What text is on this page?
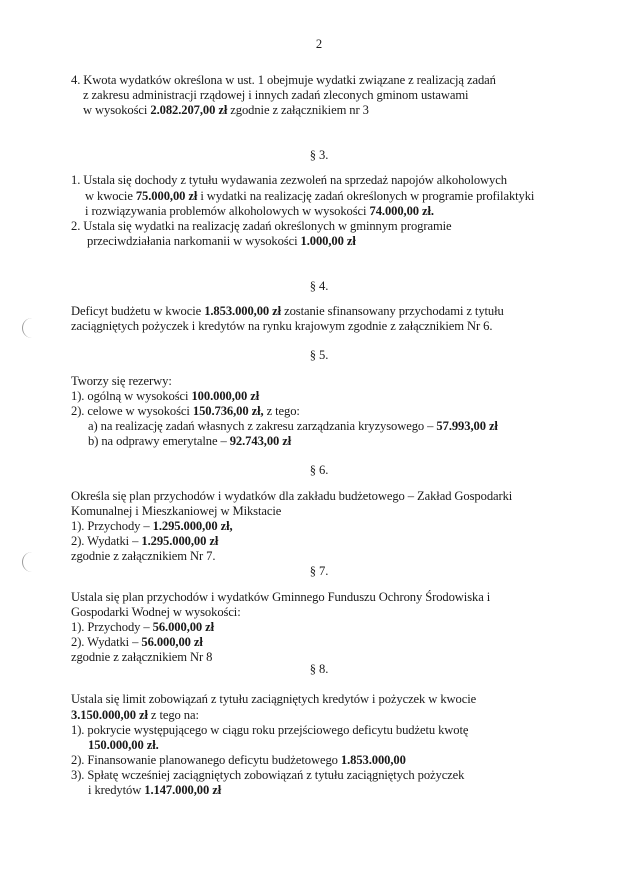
2
4. Kwota wydatków określona w ust. 1 obejmuje wydatki związane z realizacją zadań
z zakresu administracji rządowej i innych zadań zleconych gminom ustawami
w wysokości 2.082.207,00 zł zgodnie z załącznikiem nr 3
§ 3.
1. Ustala się dochody z tytułu wydawania zezwoleń na sprzedaż napojów alkoholowych
w kwocie 75.000,00 zł i wydatki na realizację zadań określonych w programie profilaktyki
i rozwiązywania problemów alkoholowych w wysokości 74.000,00 zł.
2. Ustala się wydatki na realizację zadań określonych w gminnym programie
przeciwdziałania narkomanii w wysokości 1.000,00 zł
§ 4.
Deficyt budżetu w kwocie 1.853.000,00 zł zostanie sfinansowany przychodami z tytułu
zaciągniętych pożyczek i kredytów na rynku krajowym zgodnie z załącznikiem Nr 6.
§ 5.
Tworzy się rezerwy:
1). ogólną w wysokości 100.000,00 zł
2). celowe w wysokości 150.736,00 zł, z tego:
a) na realizację zadań własnych z zakresu zarządzania kryzysowego – 57.993,00 zł
b) na odprawy emerytalne – 92.743,00 zł
§ 6.
Określa się plan przychodów i wydatków dla zakładu budżetowego – Zakład Gospodarki
Komunalnej i Mieszkaniowej w Mikstacie
1). Przychody – 1.295.000,00 zł,
2). Wydatki – 1.295.000,00 zł
zgodnie z załącznikiem Nr 7.
§ 7.
Ustala się plan przychodów i wydatków Gminnego Funduszu Ochrony Środowiska i
Gospodarki Wodnej w wysokości:
1). Przychody – 56.000,00 zł
2). Wydatki – 56.000,00 zł
zgodnie z załącznikiem Nr 8
§ 8.
Ustala się limit zobowiązań z tytułu zaciągniętych kredytów i pożyczek w kwocie
3.150.000,00 zł z tego na:
1). pokrycie występującego w ciągu roku przejściowego deficytu budżetu kwotę
150.000,00 zł.
2). Finansowanie planowanego deficytu budżetowego 1.853.000,00
3). Spłatę wcześniej zaciągniętych zobowiązań z tytułu zaciągniętych pożyczek
i kredytów 1.147.000,00 zł
